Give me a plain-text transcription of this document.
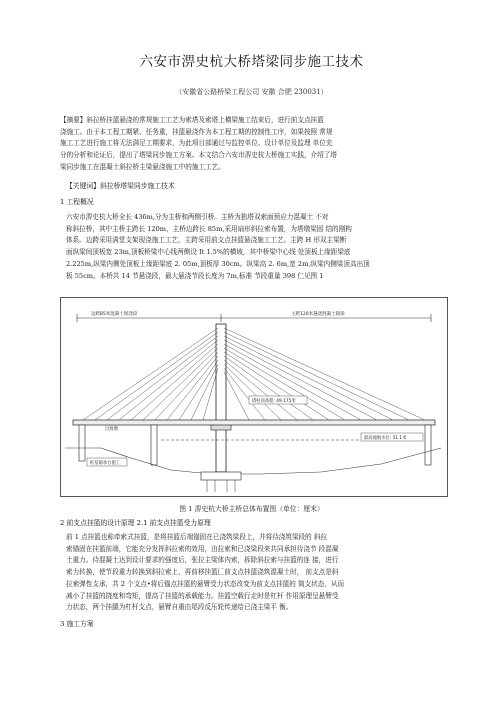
六安市淠史杭大桥塔梁同步施工技术
（安徽省公路桥梁工程公司 安徽 合肥 230031）
【摘要】斜拉桥挂篮悬浇的常规施工工艺为索塔及索塔上横梁施工结束后，进行前支点挂篮
浇施工。由于本工程工期紧、任务重，挂篮悬浇作为本工程工期的控制性工序，如果按照 常规
施工工艺进行施工将无法满足工期要求，为此项目部通过与监控单位、设计单位及监理 单位充
分的分析和论证后，提出了塔梁同步施工方案。本文结合六安市淠史杭大桥施工实践，介绍了塔
梁同步施工在混凝土斜拉桥主梁悬浇施工中的施工工艺。
【关键词】斜拉桥塔梁同步施工技术
1 工程概况
六安市淠史杭大桥全长 436m,分为主桥和两侧引桥。主桥为独塔双索面预应力混凝土 不对
称斜拉桥，其中主桥主跨长 120m、主桥边跨长 85m,采用扇形斜拉索布置，为塔墩梁固 结的刚构
体系。边跨采用满堂支架现浇施工工艺，主跨采用前支点挂篮悬浇施工工艺。主跨 H 形双主梁断
面纵梁间顶板宽 23m,顶板桥梁中心线两侧设 It 1.5%的横坡，其中桥梁中心线 处顶板上缘距梁底
2.225m,纵梁内侧处顶板上缘距梁底 2. 05m,顶板厚 30cm。纵梁高 2. 6m,宽 2m,纵梁内侧梁顶高出顶
板 55cm。本桥共 14 节悬浇段，最大悬浇节段长度为 7m,标准 节段重量 398 仁见图 1
边跨85米混凝土现浇段	主跨120米悬浇混凝土箱梁
塔柱顶高程: 49.175米
最高通航水位: 51.1米
桩基础承台施工
过渡墩
图 1 淠史杭大桥主桥总体布置图（单位：厘米）
2 前支点挂篮的设计原理 2.1 前支点挂篮受力原理
前 1 点挂篮也称牵索式挂篮，是将挂篮后端锚固在已浇筑梁段上，并将待浇筑梁段的 斜拉
索锚固在挂篮前端，它能充分发挥斜拉索的效用，由拉索和已浇梁段来共同承担待浇节 段混凝
土重力。待混凝土达到设计要求的强度后，张拉主梁体内索，拆除斜拉索与挂篮的连 接，进行
索力转换，使节段重力转换到斜拉索上，再前移挂篮匚前支点挂篮浇筑混凝土时， 前支点是斜
拉索弹性支承，共 2 个支点•将后锚点挂篮的悬臂受力状态改变为前支点挂篮的 简支状态，从而
减小了挂篮的挠度和弯矩，提高了挂篮的承载能力。挂篮空载行走时是杠杆 作用原理呈悬臂受
力状态，两个挂腿为杠杆支点，悬臂自重由尾段反压轮传递给已浇主梁平 衡。
3 施工方案
